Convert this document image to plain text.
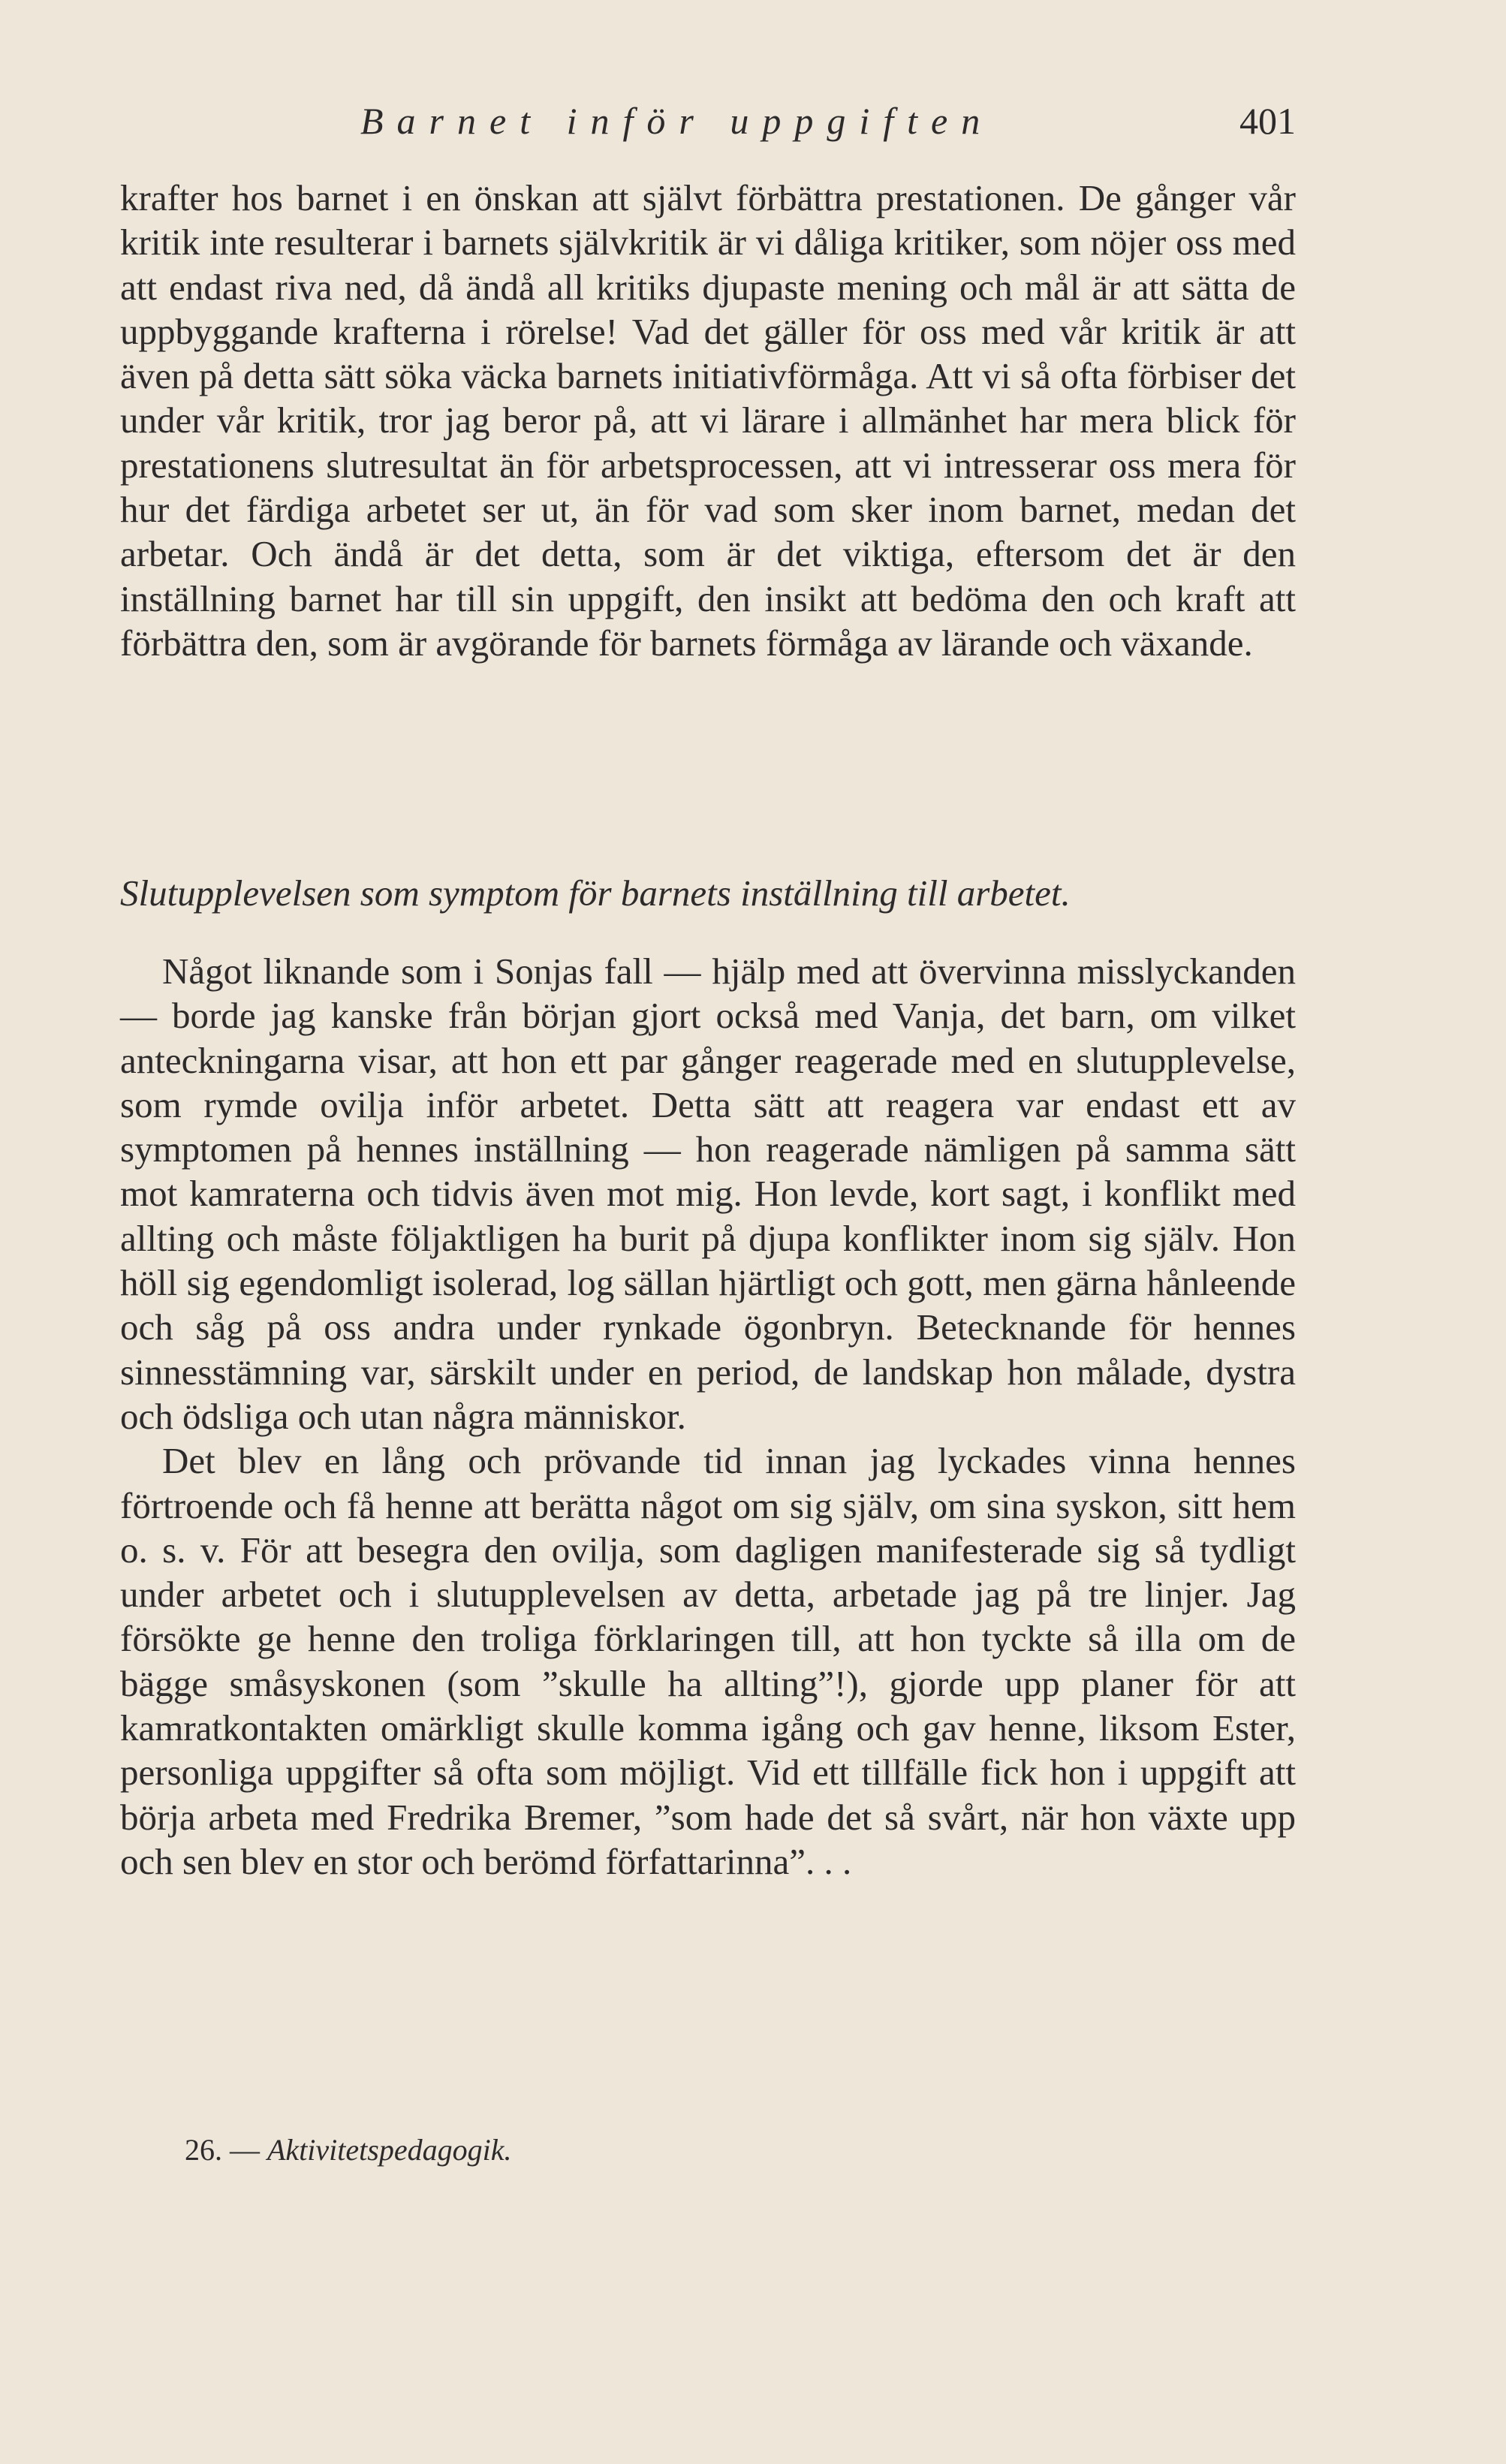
Barnet inför uppgiften	401

krafter hos barnet i en önskan att självt förbättra prestationen. De gånger vår kritik inte resulterar i barnets självkritik är vi dåliga kritiker, som nöjer oss med att endast riva ned, då ändå all kritiks djupaste mening och mål är att sätta de uppbyggande krafterna i rörelse! Vad det gäller för oss med vår kritik är att även på detta sätt söka väcka barnets initiativförmåga. Att vi så ofta förbiser det under vår kritik, tror jag beror på, att vi lärare i allmänhet har mera blick för prestationens slutresultat än för arbetsprocessen, att vi intresserar oss mera för hur det färdiga arbetet ser ut, än för vad som sker inom barnet, medan det arbetar. Och ändå är det detta, som är det viktiga, eftersom det är den inställning barnet har till sin uppgift, den insikt att bedöma den och kraft att förbättra den, som är avgörande för barnets förmåga av lärande och växande.

Slutupplevelsen som symptom för barnets inställning till arbetet.

Något liknande som i Sonjas fall — hjälp med att övervinna misslyckanden — borde jag kanske från början gjort också med Vanja, det barn, om vilket anteckningarna visar, att hon ett par gånger reagerade med en slutupplevelse, som rymde ovilja inför arbetet. Detta sätt att reagera var endast ett av symptomen på hennes inställning — hon reagerade nämligen på samma sätt mot kamraterna och tidvis även mot mig. Hon levde, kort sagt, i konflikt med allting och måste följaktligen ha burit på djupa konflikter inom sig själv. Hon höll sig egendomligt isolerad, log sällan hjärtligt och gott, men gärna hånleende och såg på oss andra under rynkade ögonbryn. Betecknande för hennes sinnesstämning var, särskilt under en period, de landskap hon målade, dystra och ödsliga och utan några människor.

Det blev en lång och prövande tid innan jag lyckades vinna hennes förtroende och få henne att berätta något om sig själv, om sina syskon, sitt hem o. s. v. För att besegra den ovilja, som dagligen manifesterade sig så tydligt under arbetet och i slutupplevelsen av detta, arbetade jag på tre linjer. Jag försökte ge henne den troliga förklaringen till, att hon tyckte så illa om de bägge småsyskonen (som ”skulle ha allting”!), gjorde upp planer för att kamratkontakten omärkligt skulle komma igång och gav henne, liksom Ester, personliga uppgifter så ofta som möjligt. Vid ett tillfälle fick hon i uppgift att börja arbeta med Fredrika Bremer, ”som hade det så svårt, när hon växte upp och sen blev en stor och berömd författarinna”. . .

26. — Aktivitetspedagogik.
